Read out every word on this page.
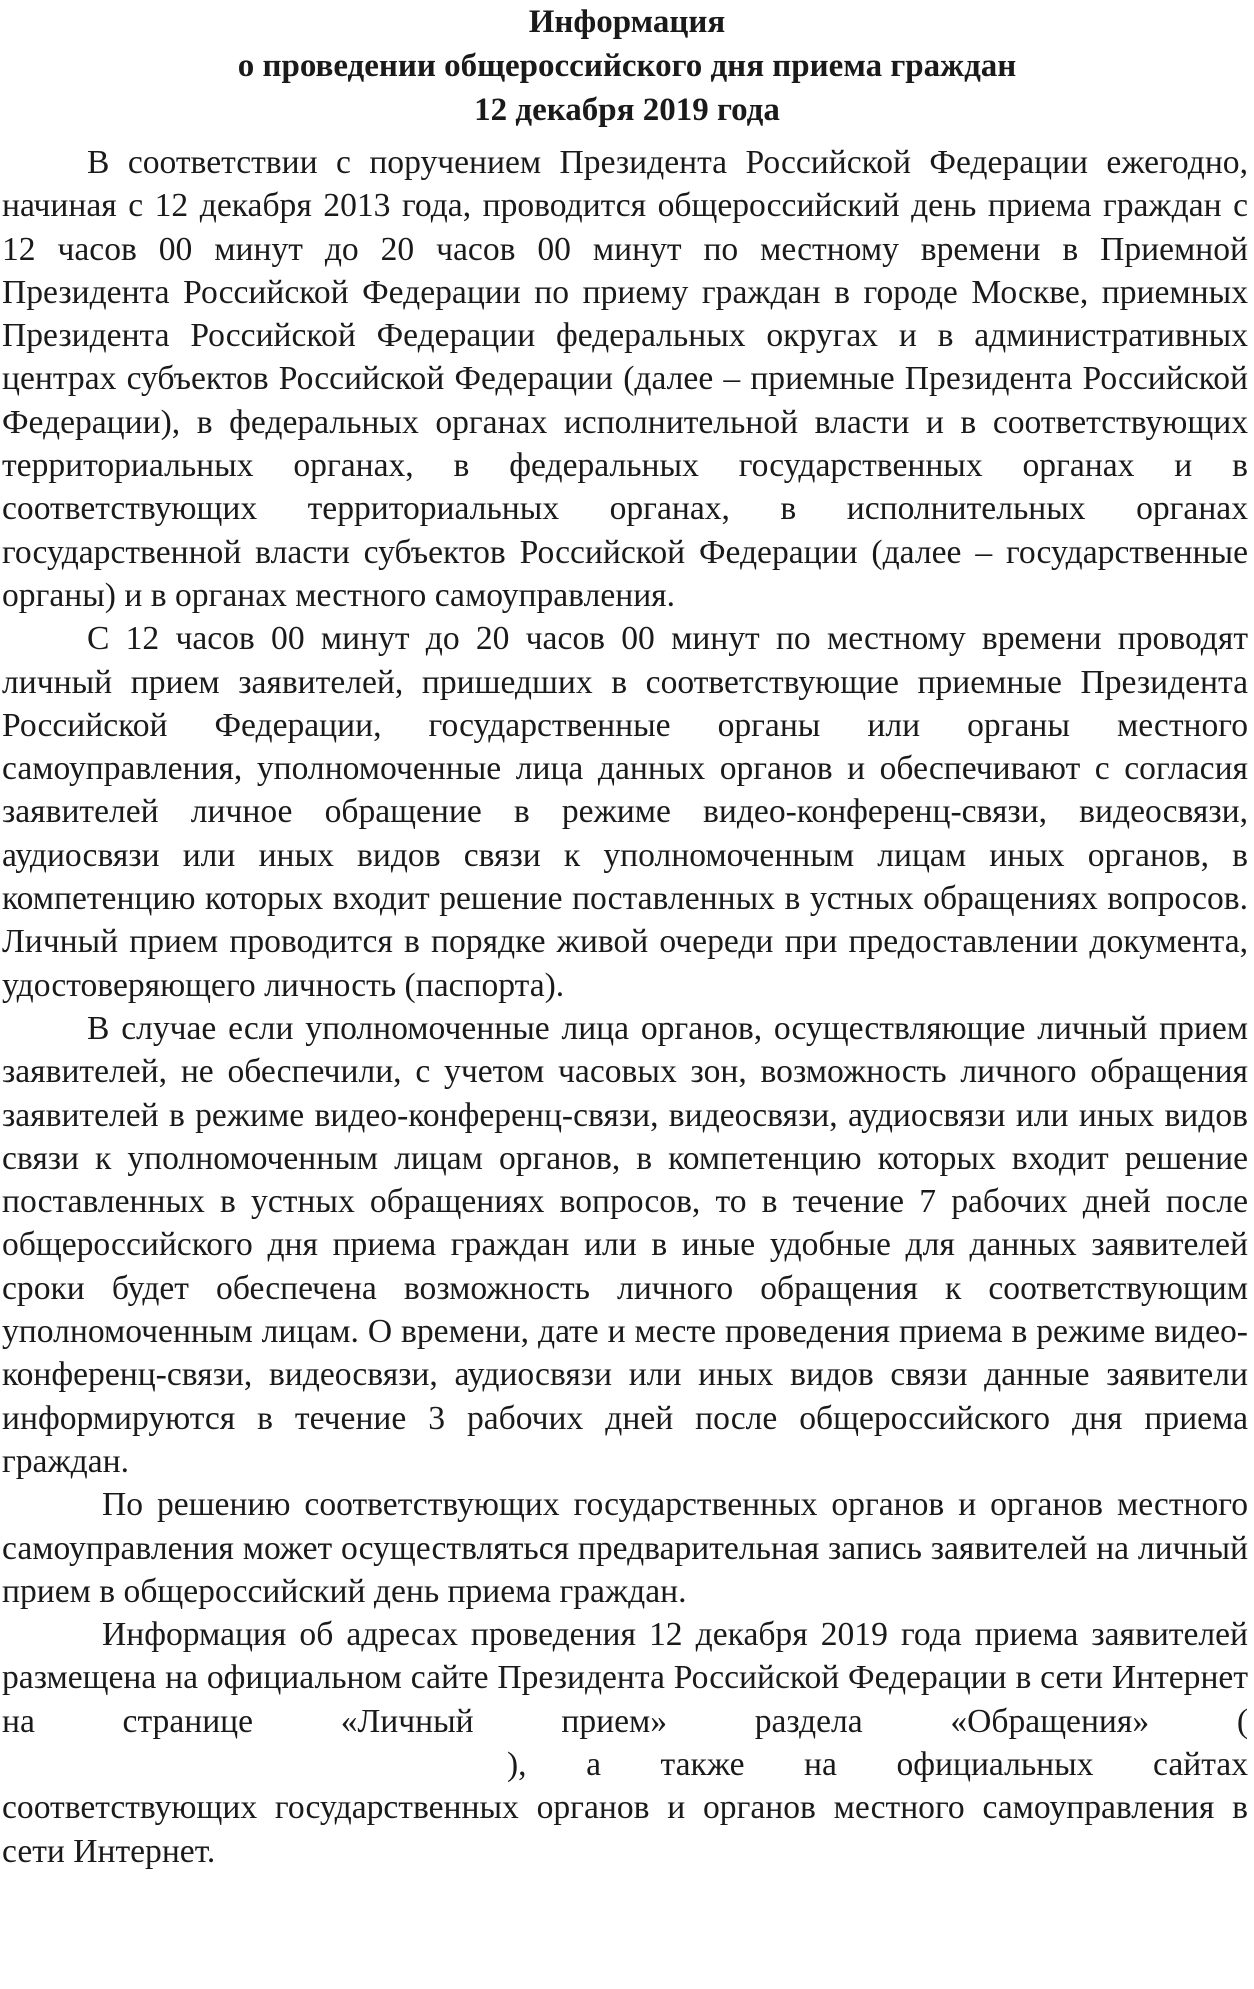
Информация
о проведении общероссийского дня приема граждан
12 декабря 2019 года

В соответствии с поручением Президента Российской Федерации ежегодно, начиная с 12 декабря 2013 года, проводится общероссийский день приема граждан с 12 часов 00 минут до 20 часов 00 минут по местному времени в Приемной Президента Российской Федерации по приему граждан в городе Москве, приемных Президента Российской Федерации федеральных округах и в административных центрах субъектов Российской Федерации (далее – приемные Президента Российской Федерации), в федеральных органах исполнительной власти и в соответствующих территориальных органах, в федеральных государственных органах и в соответствующих территориальных органах, в исполнительных органах государственной власти субъектов Российской Федерации (далее – государственные органы) и в органах местного самоуправления.

С 12 часов 00 минут до 20 часов 00 минут по местному времени проводят личный прием заявителей, пришедших в соответствующие приемные Президента Российской Федерации, государственные органы или органы местного самоуправления, уполномоченные лица данных органов и обеспечивают с согласия заявителей личное обращение в режиме видео-конференц-связи, видеосвязи, аудиосвязи или иных видов связи к уполномоченным лицам иных органов, в компетенцию которых входит решение поставленных в устных обращениях вопросов. Личный прием проводится в порядке живой очереди при предоставлении документа, удостоверяющего личность (паспорта).

В случае если уполномоченные лица органов, осуществляющие личный прием заявителей, не обеспечили, с учетом часовых зон, возможность личного обращения заявителей в режиме видео-конференц-связи, видеосвязи, аудиосвязи или иных видов связи к уполномоченным лицам органов, в компетенцию которых входит решение поставленных в устных обращениях вопросов, то в течение 7 рабочих дней после общероссийского дня приема граждан или в иные удобные для данных заявителей сроки будет обеспечена возможность личного обращения к соответствующим уполномоченным лицам. О времени, дате и месте проведения приема в режиме видео-конференц-связи, видеосвязи, аудиосвязи или иных видов связи данные заявители информируются в течение 3 рабочих дней после общероссийского дня приема граждан.

По решению соответствующих государственных органов и органов местного самоуправления может осуществляться предварительная запись заявителей на личный прием в общероссийский день приема граждан.

Информация об адресах проведения 12 декабря 2019 года приема заявителей размещена на официальном сайте Президента Российской Федерации в сети Интернет на странице «Личный прием» раздела «Обращения» (), а также на официальных сайтах соответствующих государственных органов и органов местного самоуправления в сети Интернет.
